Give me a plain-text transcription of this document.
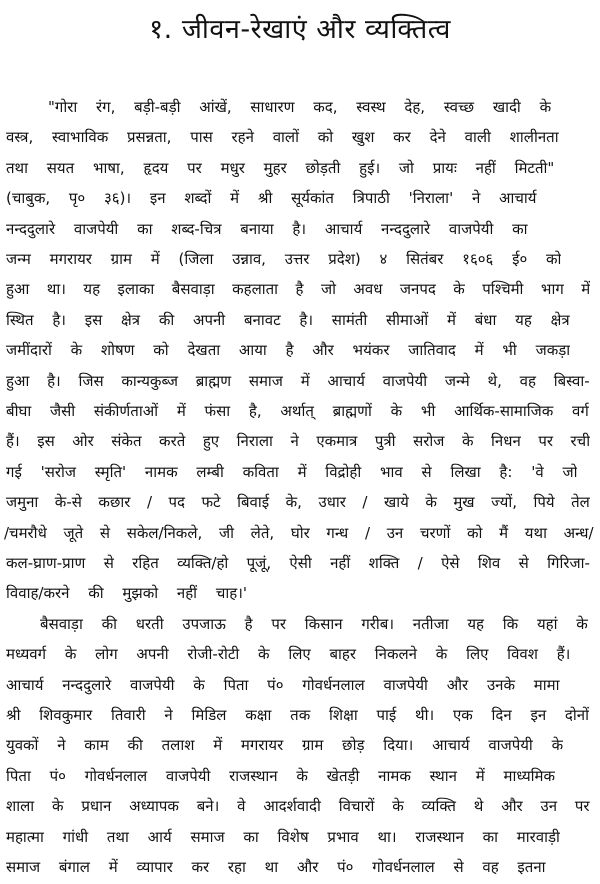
१. जीवन-रेखाएं और व्यक्तित्व
"गोरा रंग, बड़ी-बड़ी आंखें, साधारण कद, स्वस्थ देह, स्वच्छ खादी के
वस्त्र, स्वाभाविक प्रसन्नता, पास रहने वालों को खुश कर देने वाली शालीनता
तथा सयत भाषा, हृदय पर मधुर मुहर छोड़ती हुई। जो प्रायः नहीं मिटती"
(चाबुक, पृ० ३६)। इन शब्दों में श्री सूर्यकांत त्रिपाठी 'निराला' ने आचार्य
नन्ददुलारे वाजपेयी का शब्द-चित्र बनाया है। आचार्य नन्ददुलारे वाजपेयी का
जन्म मगरायर ग्राम में (जिला उन्नाव, उत्तर प्रदेश) ४ सितंबर १६०६ ई० को
हुआ था। यह इलाका बैसवाड़ा कहलाता है जो अवध जनपद के पश्चिमी भाग में
स्थित है। इस क्षेत्र की अपनी बनावट है। सामंती सीमाओं में बंधा यह क्षेत्र
जमींदारों के शोषण को देखता आया है और भयंकर जातिवाद में भी जकड़ा
हुआ है। जिस कान्यकुब्ज ब्राह्मण समाज में आचार्य वाजपेयी जन्मे थे, वह बिस्वा-
बीघा जैसी संकीर्णताओं में फंसा है, अर्थात् ब्राह्मणों के भी आर्थिक-सामाजिक वर्ग
हैं। इस ओर संकेत करते हुए निराला ने एकमात्र पुत्री सरोज के निधन पर रची
गई 'सरोज स्मृति' नामक लम्बी कविता में विद्रोही भाव से लिखा है: 'वे जो
जमुना के-से कछार / पद फटे बिवाई के, उधार / खाये के मुख ज्यों, पिये तेल
/चमरौधे जूते से सकेल/निकले, जी लेते, घोर गन्ध / उन चरणों को मैं यथा अन्ध/
कल-घ्राण-प्राण से रहित व्यक्ति/हो पूजूं, ऐसी नहीं शक्ति / ऐसे शिव से गिरिजा-
विवाह/करने की मुझको नहीं चाह।'
बैसवाड़ा की धरती उपजाऊ है पर किसान गरीब। नतीजा यह कि यहां के
मध्यवर्ग के लोग अपनी रोजी-रोटी के लिए बाहर निकलने के लिए विवश हैं।
आचार्य नन्ददुलारे वाजपेयी के पिता पं० गोवर्धनलाल वाजपेयी और उनके मामा
श्री शिवकुमार तिवारी ने मिडिल कक्षा तक शिक्षा पाई थी। एक दिन इन दोनों
युवकों ने काम की तलाश में मगरायर ग्राम छोड़ दिया। आचार्य वाजपेयी के
पिता पं० गोवर्धनलाल वाजपेयी राजस्थान के खेतड़ी नामक स्थान में माध्यमिक
शाला के प्रधान अध्यापक बने। वे आदर्शवादी विचारों के व्यक्ति थे और उन पर
महात्मा गांधी तथा आर्य समाज का विशेष प्रभाव था। राजस्थान का मारवाड़ी
समाज बंगाल में व्यापार कर रहा था और पं० गोवर्धनलाल से वह इतना
